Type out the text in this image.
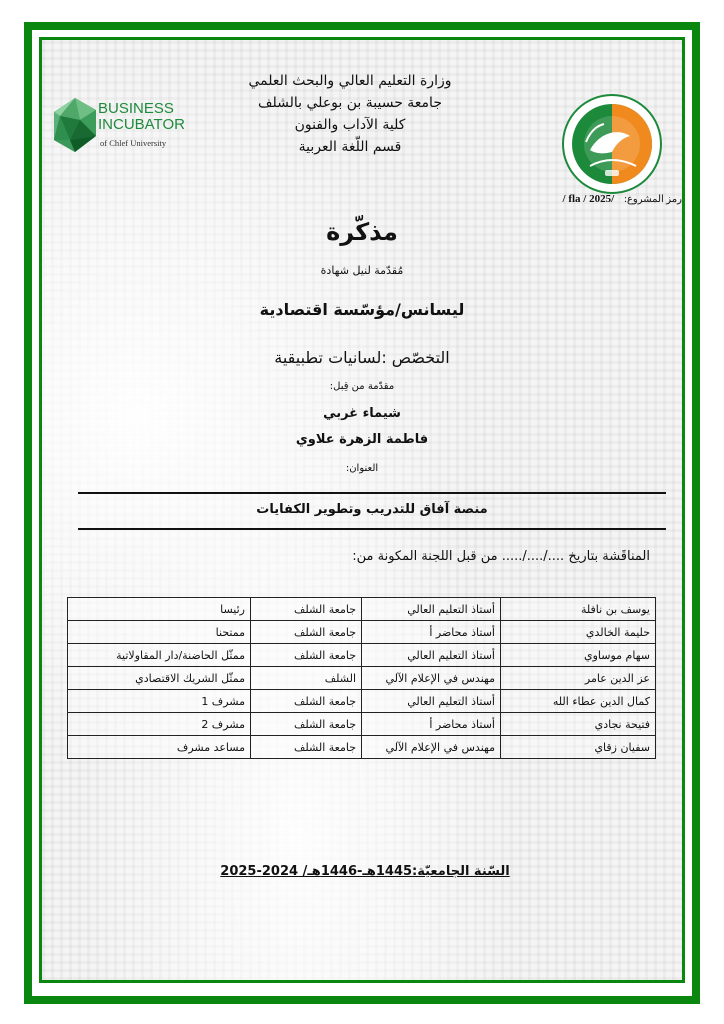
وزارة التعليم العالي والبحث العلمي
جامعة حسيبة بن بوعلي بالشلف
كلية الآداب والفنون
قسم اللّغة العربية
BUSINESS
INCUBATOR
of Chlef University
رمز المشروع:    / fla / 2025/
مذكّرة
مُقدّمة لنيل شهادة
ليسانس/مؤسّسة اقتصادية
التخصّص :لسانيات تطبيقية
مقدّمة من قِبل:
شيماء غربي
فاطمة الزهرة علاوي
العنوان:
منصة آفاق للتدريب وتطوير الكفايات
المناقَشة بتاريخ ..../..../..... من قبل اللجنة المكونة من:
يوسف بن نافلة	أستاذ التعليم العالي	جامعة الشلف	رئيسا
حليمة الخالدي	أستاذ محاضر أ	جامعة الشلف	ممتحنا
سهام موساوي	أستاذ التعليم العالي	جامعة الشلف	ممثّل الحاضنة/دار المقاولاتية
عز الدين عامر	مهندس في الإعلام الآلي	الشلف	ممثّل الشريك الاقتصادي
كمال الدين عطاء الله	أستاذ التعليم العالي	جامعة الشلف	مشرف 1
فتيحة نجادي	أستاذ محاضر أ	جامعة الشلف	مشرف 2
سفيان زقاي	مهندس في الإعلام الآلي	جامعة الشلف	مساعد مشرف
السّنة الجامعيّة:1445هـ-1446هـ/ 2024-2025
